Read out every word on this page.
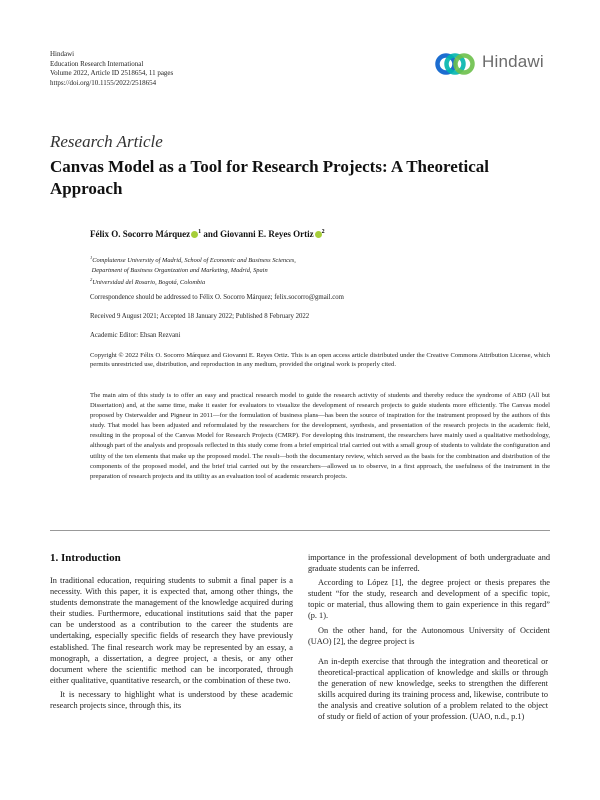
Hindawi
Education Research International
Volume 2022, Article ID 2518654, 11 pages
https://doi.org/10.1155/2022/2518654
Hindawi
Research Article
Canvas Model as a Tool for Research Projects: A Theoretical Approach
Félix O. Socorro Márquez $^1$ and Giovanni E. Reyes Ortiz $^2$
$^1$Complutense University of Madrid, School of Economic and Business Sciences,
Department of Business Organization and Marketing, Madrid, Spain
$^2$Universidad del Rosario, Bogotá, Colombia
Correspondence should be addressed to Félix O. Socorro Márquez; felix.socorro@gmail.com
Received 9 August 2021; Accepted 18 January 2022; Published 8 February 2022
Academic Editor: Ehsan Rezvani
Copyright © 2022 Félix O. Socorro Márquez and Giovanni E. Reyes Ortiz. This is an open access article distributed under the Creative Commons Attribution License, which permits unrestricted use, distribution, and reproduction in any medium, provided the original work is properly cited.
The main aim of this study is to offer an easy and practical research model to guide the research activity of students and thereby reduce the syndrome of ABD (All but Dissertation) and, at the same time, make it easier for evaluators to visualize the development of research projects to guide students more efficiently. The Canvas model proposed by Osterwalder and Pigneur in 2011—for the formulation of business plans—has been the source of inspiration for the instrument proposed by the authors of this study. That model has been adjusted and reformulated by the researchers for the development, synthesis, and presentation of the research projects in the academic field, resulting in the proposal of the Canvas Model for Research Projects (CMRP). For developing this instrument, the researchers have mainly used a qualitative methodology, although part of the analysis and proposals reflected in this study come from a brief empirical trial carried out with a small group of students to validate the configuration and utility of the ten elements that make up the proposed model. The result—both the documentary review, which served as the basis for the combination and distribution of the components of the proposed model, and the brief trial carried out by the researchers—allowed us to observe, in a first approach, the usefulness of the instrument in the preparation of research projects and its utility as an evaluation tool of academic research projects.
1. Introduction

In traditional education, requiring students to submit a final paper is a necessity. With this paper, it is expected that, among other things, the students demonstrate the management of the knowledge acquired during their studies. Furthermore, educational institutions said that the paper can be understood as a contribution to the career the students are undertaking, especially specific fields of research they have previously established. The final research work may be represented by an essay, a monograph, a dissertation, a degree project, a thesis, or any other document where the scientific method can be incorporated, through either qualitative, quantitative research, or the combination of these two.

It is necessary to highlight what is understood by these academic research projects since, through this, its

importance in the professional development of both undergraduate and graduate students can be inferred.

According to López [1], the degree project or thesis prepares the student “for the study, research and development of a specific topic, topic or material, thus allowing them to gain experience in this regard” (p. 1).

On the other hand, for the Autonomous University of Occident (UAO) [2], the degree project is

An in-depth exercise that through the integration and theoretical or theoretical-practical application of knowledge and skills or through the generation of new knowledge, seeks to strengthen the different skills acquired during its training process and, likewise, contribute to the analysis and creative solution of a problem related to the object of study or field of action of your profession. (UAO, n.d., p.1)
